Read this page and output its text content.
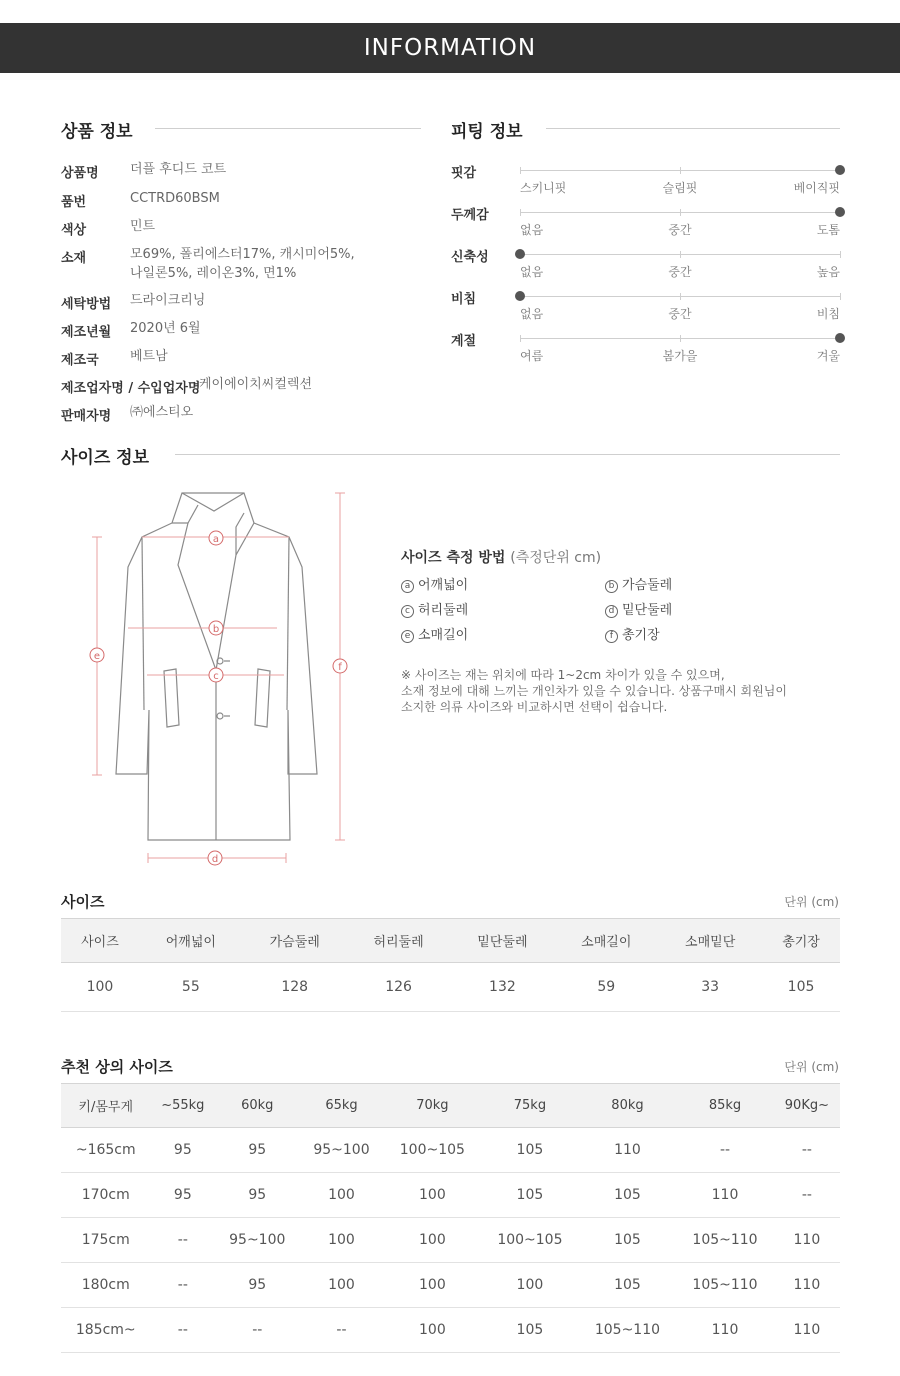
INFORMATION
상품 정보
상품명 더플 후디드 코트
품번	CCTRD60BSM
색상	민트
소재	모69%, 폴리에스터17%, 캐시미어5%,
나일론5%, 레이온3%, 면1%
세탁방법 드라이크리닝
제조년월 2020년 6월
제조국 베트남
제조업자명 / 수입업자명
케이에이치씨컬렉션
판매자명 ㈜에스티오
피팅 정보
핏감
스키니핏	슬림핏	베이직핏
두께감
없음	중간	도톰
신축성
없음	중간	높음
비침
없음	중간	비침
계절
여름	봄가을	겨울
사이즈 정보
a
b
c
d
e
f
사이즈 측정 방법 (측정단위 cm)
a 어깨넓이	b 가슴둘레
c 허리둘레	d 밑단둘레
e 소매길이	f 총기장
※ 사이즈는 재는 위치에 따라 1~2cm 차이가 있을 수 있으며,
소재 정보에 대해 느끼는 개인차가 있을 수 있습니다. 상품구매시 회원님이
소지한 의류 사이즈와 비교하시면 선택이 쉽습니다.
사이즈	단위 (cm)
사이즈	어깨넓이	가슴둘레	허리둘레	밑단둘레	소매길이	소매밑단	총기장
100	55	128	126	132	59	33	105
추천 상의 사이즈	단위 (cm)
키/몸무게	~55kg	60kg	65kg	70kg	75kg	80kg	85kg	90Kg~
~165cm	95	95	95~100	100~105	105	110	--	--
170cm	95	95	100	100	105	105	110	--
175cm	--	95~100	100	100	100~105	105	105~110	110
180cm	--	95	100	100	100	105	105~110	110
185cm~	--	--	--	100	105	105~110	110	110
